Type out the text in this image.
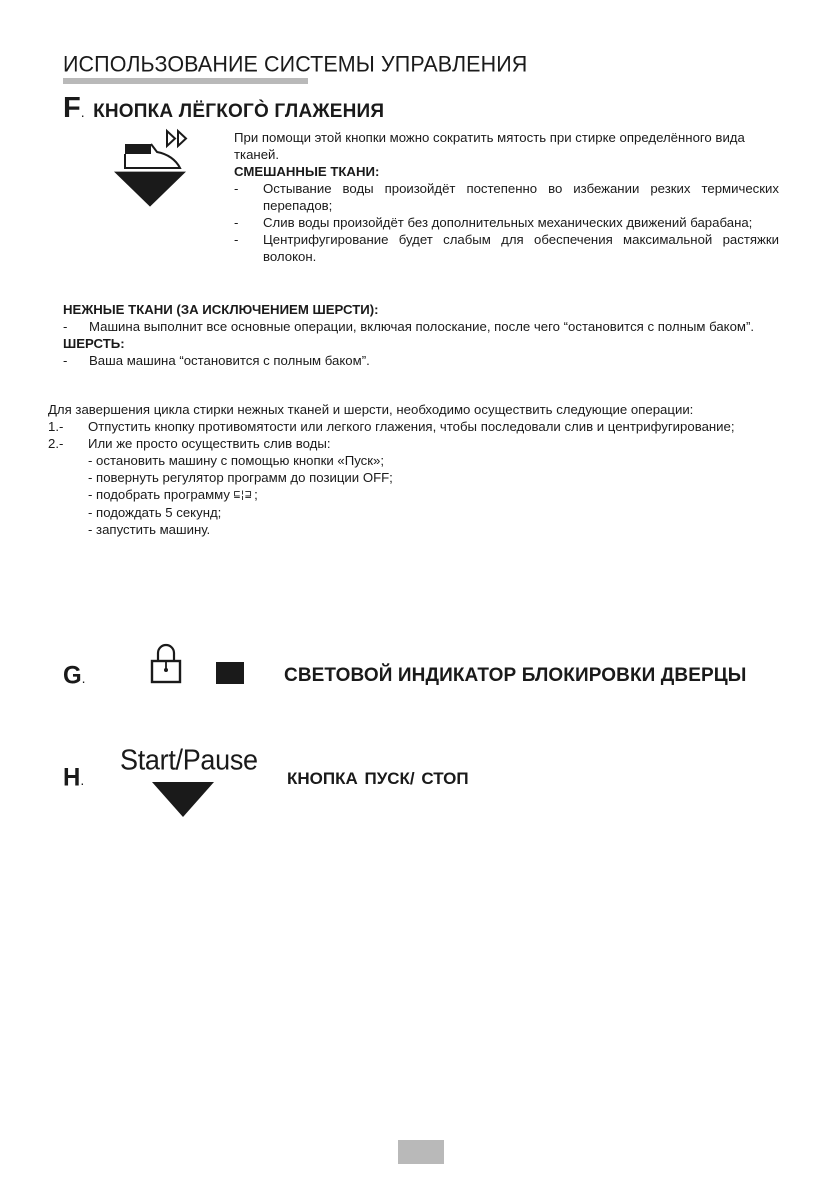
ИСПОЛЬЗОВАНИЕ СИСТЕМЫ УПРАВЛЕНИЯ
F. КНОПКА ЛЁГКОГÒ ГЛАЖЕНИЯ
При помощи этой кнопки можно сократить мятость при стирке определённого вида тканей.
СМЕШАННЫЕ ТКАНИ:
-	Остывание воды произойдёт постепенно во избежании резких термических перепадов;
-	Слив воды произойдёт без дополнительных механических движений барабана;
-	Центрифугирование будет слабым для обеспечения максимальной растяжки волокон.
НЕЖНЫЕ ТКАНИ (ЗА ИСКЛЮЧЕНИЕМ ШЕРСТИ):
-	Машина выполнит все основные операции, включая полоскание, после чего “остановится с полным баком”.
ШЕРСТЬ:
-	Ваша машина “остановится с полным баком”.
Для завершения цикла стирки нежных тканей и шерсти, необходимо осуществить следующие операции:
1.-	Отпустить кнопку противомятости или легкого глажения, чтобы последовали слив и центрифугирование;
2.-	Или же просто осуществить слив воды:
- остановить машину с помощью кнопки «Пуск»;
- повернуть регулятор программ до позиции OFF;
- подобрать программу ⊑¦⊒ ;
- подождать 5 секунд;
- запустить машину.
G.	СВЕТОВОЙ ИНДИКАТОР БЛОКИРОВКИ ДВЕРЦЫ
H.
Start/Pause
КНОПКА ПУСК/ СТОП
